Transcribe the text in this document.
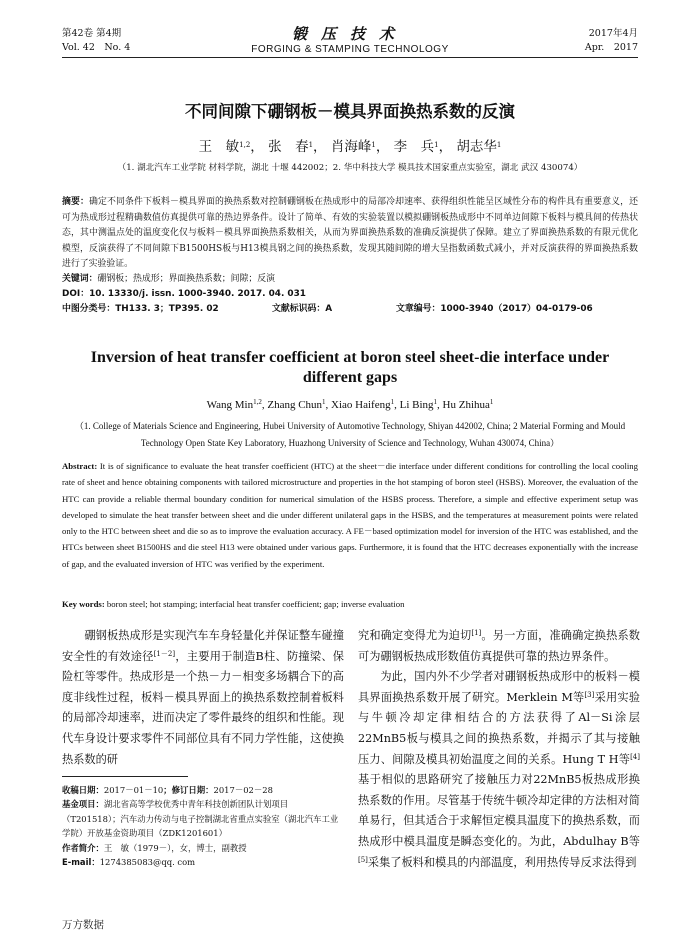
第42卷 第4期
Vol. 42　No. 4
锻压技术
FORGING & STAMPING TECHNOLOGY
2017年4月
Apr.　2017
不同间隙下硼钢板－模具界面换热系数的反演
王　敏$^{1,2}$， 张　春$^1$， 肖海峰$^1$， 李　兵$^1$， 胡志华$^1$
（1. 湖北汽车工业学院 材料学院，湖北 十堰 442002；2. 华中科技大学 模具技术国家重点实验室，湖北 武汉 430074）
摘要：确定不同条件下板料－模具界面的换热系数对控制硼钢板在热成形中的局部冷却速率、获得组织性能呈区域性分布的构件具有重要意义，还可为热成形过程精确数值仿真提供可靠的热边界条件。设计了简单、有效的实验装置以模拟硼钢板热成形中不同单边间隙下板料与模具间的传热状态，其中测温点处的温度变化仅与板料－模具界面换热系数相关，从而为界面换热系数的准确反演提供了保障。建立了界面换热系数的有限元优化模型，反演获得了不同间隙下B1500HS板与H13模具钢之间的换热系数，发现其随间隙的增大呈指数函数式减小，并对反演获得的界面换热系数进行了实验验证。
关键词：硼钢板；热成形；界面换热系数；间隙；反演
DOI：10. 13330/j. issn. 1000-3940. 2017. 04. 031
中图分类号：TH133. 3；TP395. 02	文献标识码：A	文章编号：1000-3940（2017）04-0179-06
Inversion of heat transfer coefficient at boron steel sheet-die interface under different gaps
Wang Min$^{1,2}$, Zhang Chun$^1$, Xiao Haifeng$^1$, Li Bing$^1$, Hu Zhihua$^1$
（1. College of Materials Science and Engineering, Hubei University of Automotive Technology, Shiyan 442002, China; 2 Material Forming and Mould Technology Open State Key Laboratory, Huazhong University of Science and Technology, Wuhan 430074, China）
Abstract: It is of significance to evaluate the heat transfer coefficient (HTC) at the sheet－die interface under different conditions for controlling the local cooling rate of sheet and hence obtaining components with tailored microstructure and properties in the hot stamping of boron steel (HSBS). Moreover, the evaluation of the HTC can provide a reliable thermal boundary condition for numerical simulation of the HSBS process. Therefore, a simple and effective experiment setup was developed to simulate the heat transfer between sheet and die under different unilateral gaps in the HSBS, and the temperatures at measurement points were related only to the HTC between sheet and die so as to improve the evaluation accuracy. A FE－based optimization model for inversion of the HTC was established, and the HTCs between sheet B1500HS and die steel H13 were obtained under various gaps. Furthermore, it is found that the HTC decreases exponentially with the increase of gap, and the evaluated inversion of HTC was verified by the experiment.
Key words: boron steel; hot stamping; interfacial heat transfer coefficient; gap; inverse evaluation

硼钢板热成形是实现汽车车身轻量化并保证整车碰撞安全性的有效途径[1－2]，主要用于制造B柱、防撞梁、保险杠等零件。热成形是一个热－力－相变多场耦合下的高度非线性过程，板料－模具界面上的换热系数控制着板料的局部冷却速率，进而决定了零件最终的组织和性能。现代车身设计要求零件不同部位具有不同力学性能，这使换热系数的研

究和确定变得尤为迫切[1]。另一方面，准确确定换热系数可为硼钢板热成形数值仿真提供可靠的热边界条件。

为此，国内外不少学者对硼钢板热成形中的板料－模具界面换热系数开展了研究。Merklein M等[3]采用实验与牛顿冷却定律相结合的方法获得了Al－Si涂层22MnB5板与模具之间的换热系数，并揭示了其与接触压力、间隙及模具初始温度之间的关系。Hung T H等[4]基于相似的思路研究了接触压力对22MnB5板热成形换热系数的作用。尽管基于传统牛顿冷却定律的方法相对简单易行，但其适合于求解恒定模具温度下的换热系数，而热成形中模具温度是瞬态变化的。为此，Abdulhay B等[5]采集了板料和模具的内部温度，利用热传导反求法得到

收稿日期：2017－01－10；修订日期：2017－02－28
基金项目：湖北省高等学校优秀中青年科技创新团队计划项目（T201518）；汽车动力传动与电子控制湖北省重点实验室（湖北汽车工业学院）开放基金资助项目（ZDK1201601）
作者简介：王　敏（1979－），女，博士，副教授
E-mail：1274385083@qq. com
万方数据
